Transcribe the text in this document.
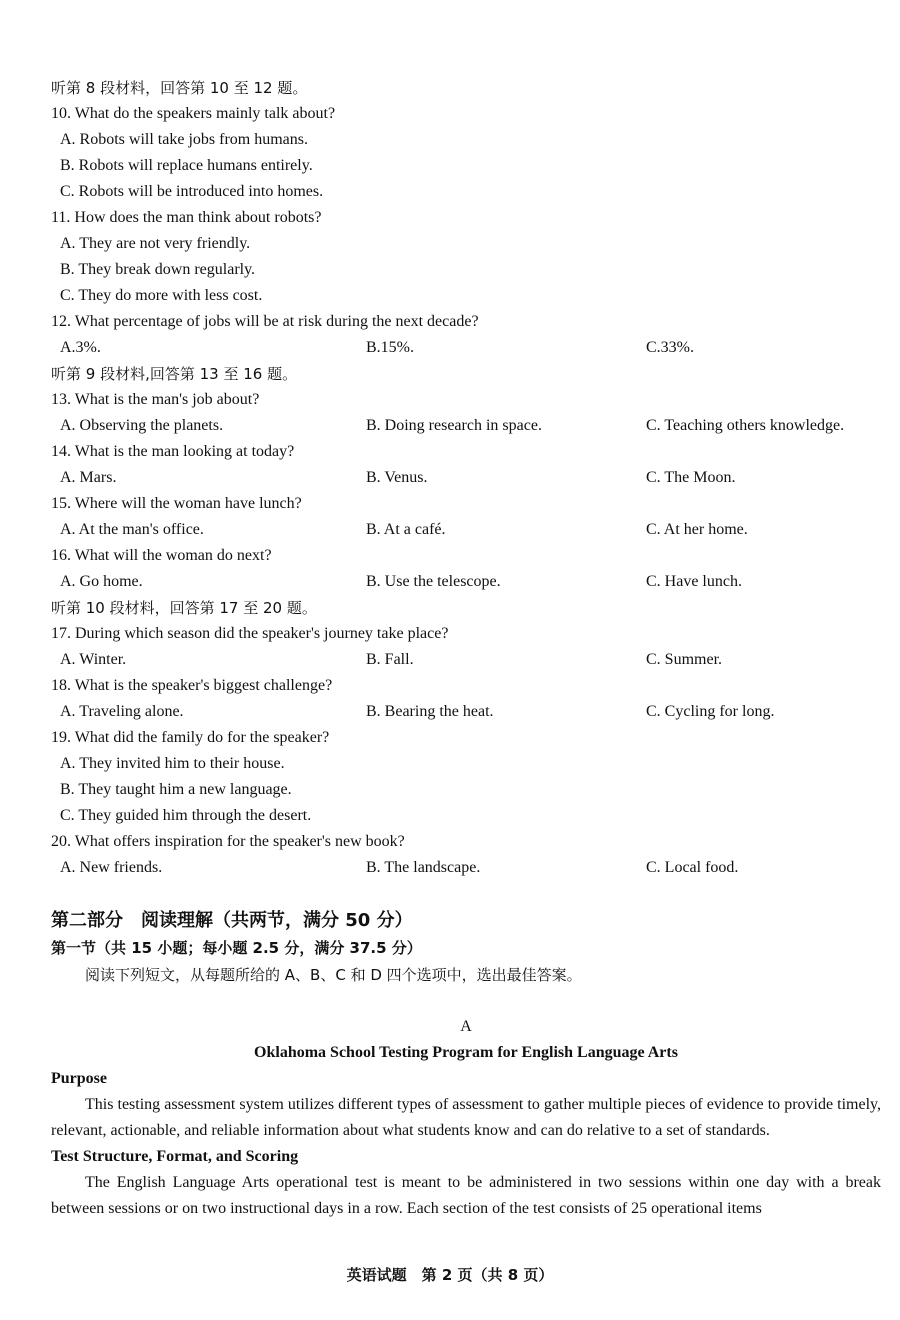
听第 8 段材料，回答第 10 至 12 题。
10. What do the speakers mainly talk about?
A. Robots will take jobs from humans.
B. Robots will replace humans entirely.
C. Robots will be introduced into homes.
11. How does the man think about robots?
A. They are not very friendly.
B. They break down regularly.
C. They do more with less cost.
12. What percentage of jobs will be at risk during the next decade?
A.3%.	B.15%.	C.33%.
听第 9 段材料,回答第 13 至 16 题。
13. What is the man's job about?
A. Observing the planets.	B. Doing research in space.	C. Teaching others knowledge.
14. What is the man looking at today?
A. Mars.	B. Venus.	C. The Moon.
15. Where will the woman have lunch?
A. At the man's office.	B. At a café.	C. At her home.
16. What will the woman do next?
A. Go home.	B. Use the telescope.	C. Have lunch.
听第 10 段材料，回答第 17 至 20 题。
17. During which season did the speaker's journey take place?
A. Winter.	B. Fall.	C. Summer.
18. What is the speaker's biggest challenge?
A. Traveling alone.	B. Bearing the heat.	C. Cycling for long.
19. What did the family do for the speaker?
A. They invited him to their house.
B. They taught him a new language.
C. They guided him through the desert.
20. What offers inspiration for the speaker's new book?
A. New friends.	B. The landscape.	C. Local food.
第二部分　阅读理解（共两节，满分 50 分）
第一节（共 15 小题；每小题 2.5 分，满分 37.5 分）
阅读下列短文，从每题所给的 A、B、C 和 D 四个选项中，选出最佳答案。
A
Oklahoma School Testing Program for English Language Arts
Purpose

This testing assessment system utilizes different types of assessment to gather multiple pieces of evidence to provide timely, relevant, actionable, and reliable information about what students know and can do relative to a set of standards.

Test Structure, Format, and Scoring

The English Language Arts operational test is meant to be administered in two sessions within one day with a break between sessions or on two instructional days in a row. Each section of the test consists of 25 operational items

英语试题　第 2 页（共 8 页）
